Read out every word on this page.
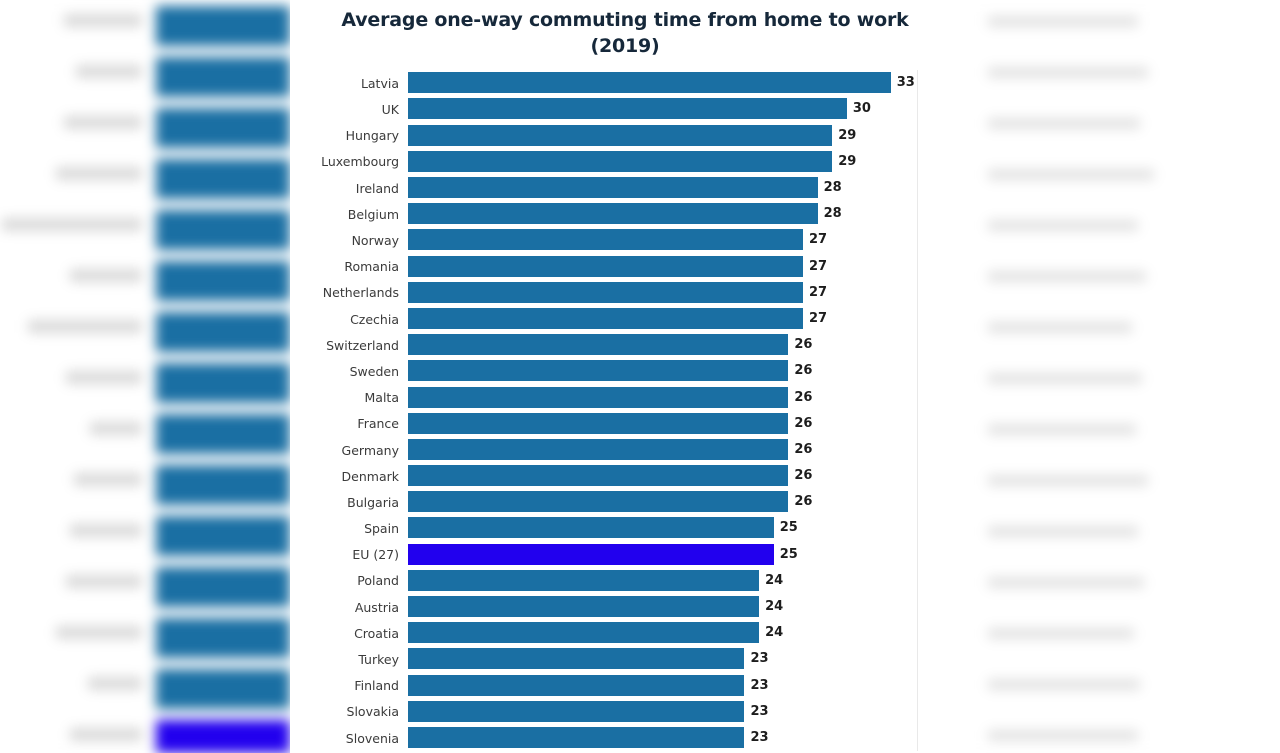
Average one-way commuting time from home to work (2019)
Latvia	33
UK	30
Hungary	29
Luxembourg	29
Ireland	28
Belgium	28
Norway	27
Romania	27
Netherlands	27
Czechia	27
Switzerland	26
Sweden	26
Malta	26
France	26
Germany	26
Denmark	26
Bulgaria	26
Spain	25
EU (27)	25
Poland	24
Austria	24
Croatia	24
Turkey	23
Finland	23
Slovakia	23
Slovenia	23
